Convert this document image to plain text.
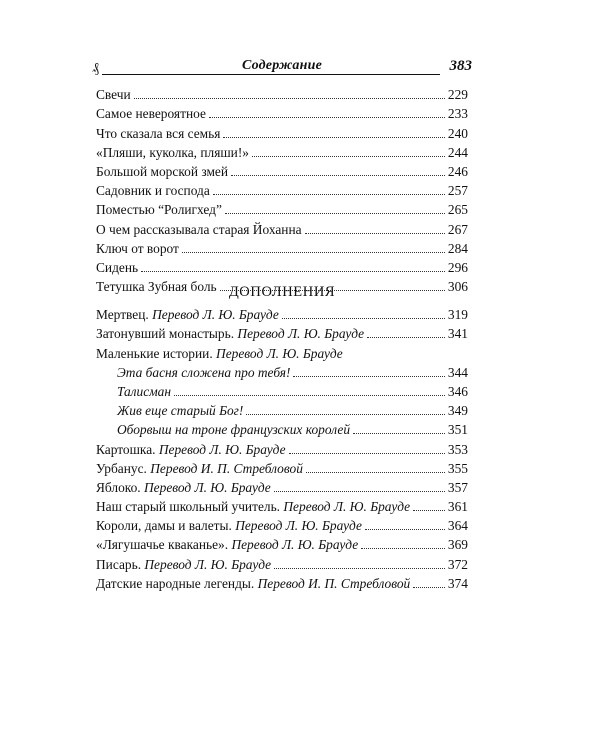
₰	Содержание	383
Свечи	229
Самое невероятное	233
Что сказала вся семья	240
«Пляши, куколка, пляши!»	244
Большой морской змей	246
Садовник и господа	257
Поместью “Ролигхед”	265
О чем рассказывала старая Йоханна	267
Ключ от ворот	284
Сидень	296
Тетушка Зубная боль	306
ДОПОЛНЕНИЯ
Мертвец. Перевод Л. Ю. Брауде	319
Затонувший монастырь. Перевод Л. Ю. Брауде	341
Маленькие истории. Перевод Л. Ю. Брауде
Эта басня сложена про тебя!	344
Талисман	346
Жив еще старый Бог!	349
Оборвыш на троне французских королей	351
Картошка. Перевод Л. Ю. Брауде	353
Урбанус. Перевод И. П. Стребловой	355
Яблоко. Перевод Л. Ю. Брауде	357
Наш старый школьный учитель. Перевод Л. Ю. Брауде	361
Короли, дамы и валеты. Перевод Л. Ю. Брауде	364
«Лягушачье кваканье». Перевод Л. Ю. Брауде	369
Писарь. Перевод Л. Ю. Брауде	372
Датские народные легенды. Перевод И. П. Стребловой	374
